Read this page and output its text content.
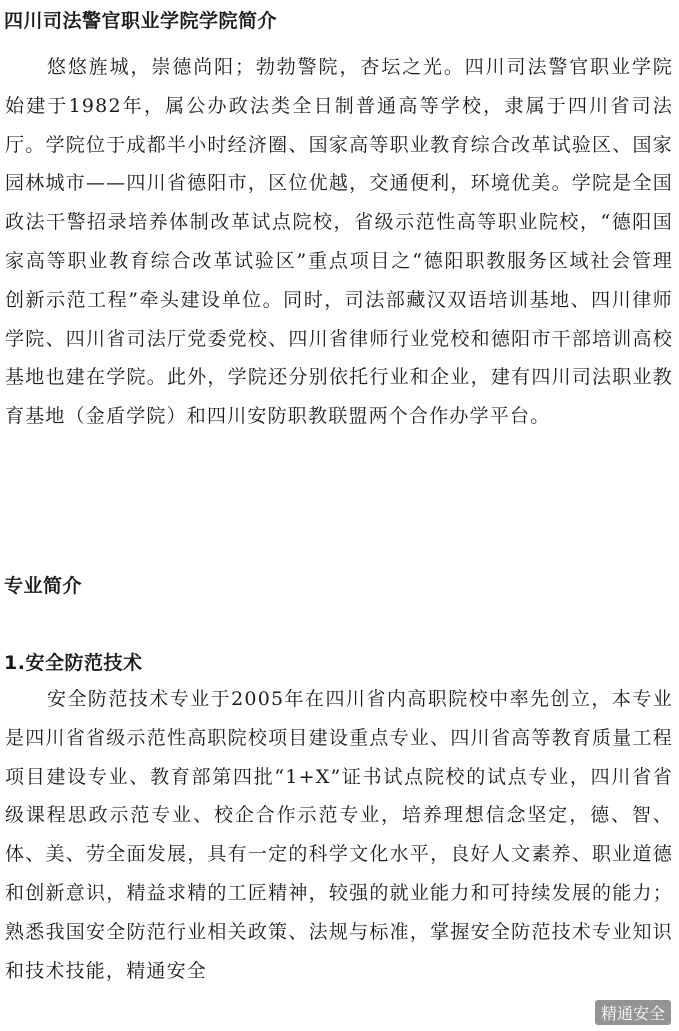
四川司法警官职业学院学院简介

悠悠旌城，崇德尚阳；勃勃警院，杏坛之光。四川司法警官职业学院始建于1982年，属公办政法类全日制普通高等学校，隶属于四川省司法厅。学院位于成都半小时经济圈、国家高等职业教育综合改革试验区、国家园林城市——四川省德阳市，区位优越，交通便利，环境优美。学院是全国政法干警招录培养体制改革试点院校，省级示范性高等职业院校，“德阳国家高等职业教育综合改革试验区”重点项目之“德阳职教服务区域社会管理创新示范工程”牵头建设单位。同时，司法部藏汉双语培训基地、四川律师学院、四川省司法厅党委党校、四川省律师行业党校和德阳市干部培训高校基地也建在学院。此外，学院还分别依托行业和企业，建有四川司法职业教育基地（金盾学院）和四川安防职教联盟两个合作办学平台。

专业简介
1.安全防范技术

安全防范技术专业于2005年在四川省内高职院校中率先创立，本专业是四川省省级示范性高职院校项目建设重点专业、四川省高等教育质量工程项目建设专业、教育部第四批“1+X”证书试点院校的试点专业，四川省省级课程思政示范专业、校企合作示范专业，培养理想信念坚定，德、智、体、美、劳全面发展，具有一定的科学文化水平，良好人文素养、职业道德和创新意识，精益求精的工匠精神，较强的就业能力和可持续发展的能力；熟悉我国安全防范行业相关政策、法规与标准，掌握安全防范技术专业知识和技术技能，精通安全

精通安全
